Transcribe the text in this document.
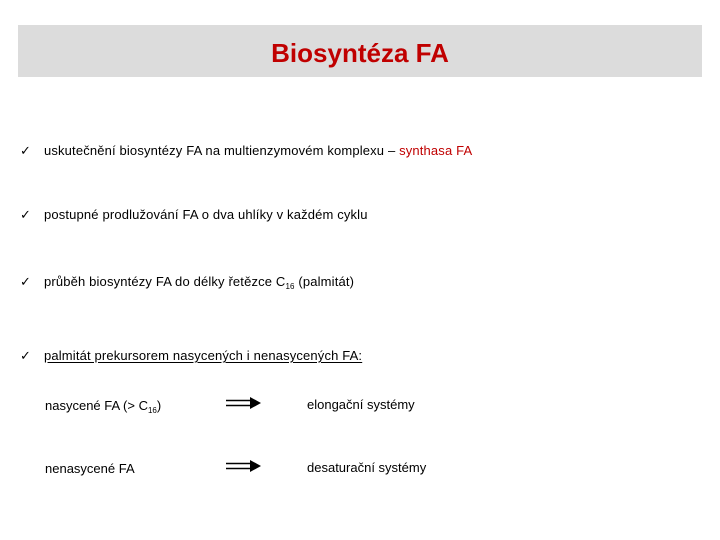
Biosyntéza FA
✓	uskutečnění biosyntézy FA na multienzymovém komplexu – synthasa FA
✓	postupné prodlužování FA o dva uhlíky v každém cyklu
✓	průběh biosyntézy FA do délky řetězce $C_{16}$ (palmitát)
✓	palmitát prekursorem nasycených i nenasycených FA:
nasycené FA (> $C_{16}$)	elongační systémy
nenasycené FA	desaturační systémy
